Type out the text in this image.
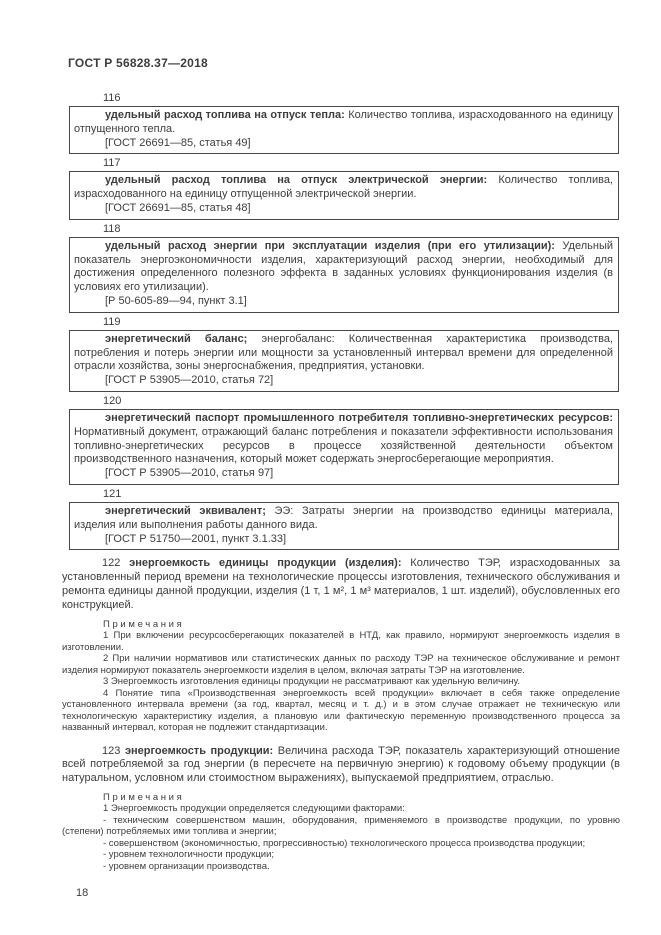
ГОСТ Р 56828.37—2018
116

удельный расход топлива на отпуск тепла: Количество топлива, израсходованного на единицу отпущенного тепла.

[ГОСТ 26691—85, статья 49]

117

удельный расход топлива на отпуск электрической энергии: Количество топлива, израсходованного на единицу отпущенной электрической энергии.

[ГОСТ 26691—85, статья 48]

118

удельный расход энергии при эксплуатации изделия (при его утилизации): Удельный показатель энергоэкономичности изделия, характеризующий расход энергии, необходимый для достижения определенного полезного эффекта в заданных условиях функционирования изделия (в условиях его утилизации).

[Р 50-605-89—94, пункт 3.1]

119

энергетический баланс; энергобаланс: Количественная характеристика производства, потребления и потерь энергии или мощности за установленный интервал времени для определенной отрасли хозяйства, зоны энергоснабжения, предприятия, установки.

[ГОСТ Р 53905—2010, статья 72]

120

энергетический паспорт промышленного потребителя топливно-энергетических ресурсов: Нормативный документ, отражающий баланс потребления и показатели эффективности использования топливно-энергетических ресурсов в процессе хозяйственной деятельности объектом производственного назначения, который может содержать энергосберегающие мероприятия.

[ГОСТ Р 53905—2010, статья 97]

121

энергетический эквивалент; ЭЭ: Затраты энергии на производство единицы материала, изделия или выполнения работы данного вида.

[ГОСТ Р 51750—2001, пункт 3.1.33]

122 энергоемкость единицы продукции (изделия): Количество ТЭР, израсходованных за установленный период времени на технологические процессы изготовления, технического обслуживания и ремонта единицы данной продукции, изделия (1 т, 1 м², 1 м³ материалов, 1 шт. изделий), обусловленных его конструкцией.

Примечания

1 При включении ресурсосберегающих показателей в НТД, как правило, нормируют энергоемкость изделия в изготовлении.

2 При наличии нормативов или статистических данных по расходу ТЭР на техническое обслуживание и ремонт изделия нормируют показатель энергоемкости изделия в целом, включая затраты ТЭР на изготовление.

3 Энергоемкость изготовления единицы продукции не рассматривают как удельную величину.

4 Понятие типа «Производственная энергоемкость всей продукции» включает в себя также определение установленного интервала времени (за год, квартал, месяц и т. д.) и в этом случае отражает не техническую или технологическую характеристику изделия, а плановую или фактическую переменную производственного процесса за названный интервал, которая не подлежит стандартизации.

123 энергоемкость продукции: Величина расхода ТЭР, показатель характеризующий отношение всей потребляемой за год энергии (в пересчете на первичную энергию) к годовому объему продукции (в натуральном, условном или стоимостном выражениях), выпускаемой предприятием, отраслью.

Примечания

1 Энергоемкость продукции определяется следующими факторами:

- техническим совершенством машин, оборудования, применяемого в производстве продукции, по уровню (степени) потребляемых ими топлива и энергии;

- совершенством (экономичностью, прогрессивностью) технологического процесса производства продукции;

- уровнем технологичности продукции;

- уровнем организации производства.

18
